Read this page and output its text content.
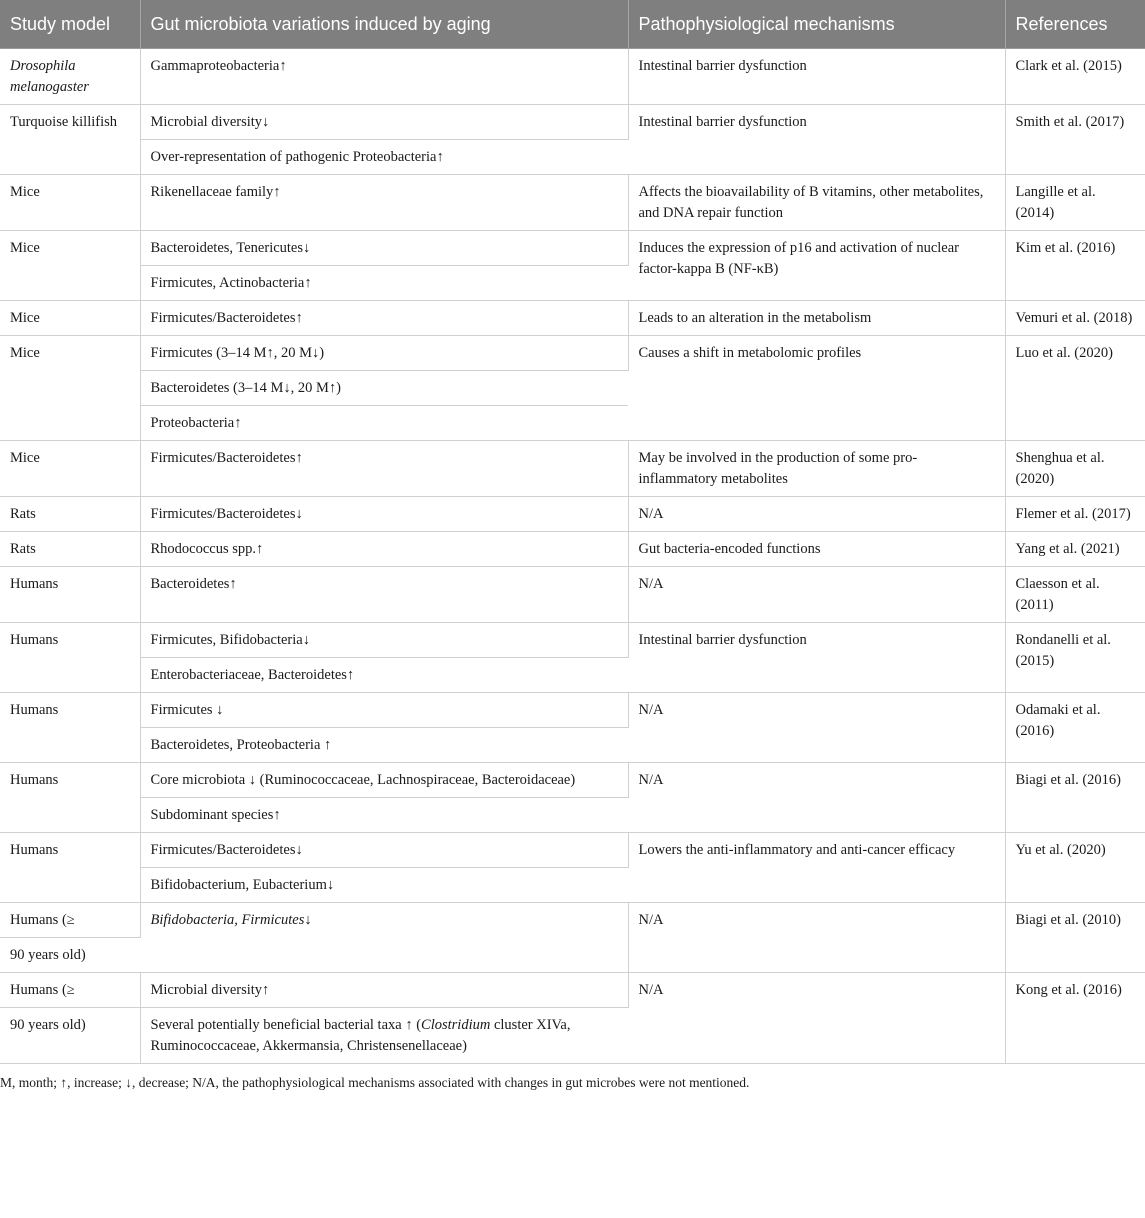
Study model	Gut microbiota variations induced by aging	Pathophysiological mechanisms	References
Drosophila melanogaster	Gammaproteobacteria↑	Intestinal barrier dysfunction	Clark et al. (2015)
Turquoise killifish	Microbial diversity↓	Intestinal barrier dysfunction	Smith et al. (2017)
	Over-representation of pathogenic Proteobacteria↑		
Mice	Rikenellaceae family↑	Affects the bioavailability of B vitamins, other metabolites, and DNA repair function	Langille et al. (2014)
Mice	Bacteroidetes, Tenericutes↓	Induces the expression of p16 and activation of nuclear factor-kappa B (NF-κB)	Kim et al. (2016)
	Firmicutes, Actinobacteria↑		
Mice	Firmicutes/Bacteroidetes↑	Leads to an alteration in the metabolism	Vemuri et al. (2018)
Mice	Firmicutes (3–14 M↑, 20 M↓)	Causes a shift in metabolomic profiles	Luo et al. (2020)
	Bacteroidetes (3–14 M↓, 20 M↑)		
	Proteobacteria↑		
Mice	Firmicutes/Bacteroidetes↑	May be involved in the production of some pro-inflammatory metabolites	Shenghua et al. (2020)
Rats	Firmicutes/Bacteroidetes↓	N/A	Flemer et al. (2017)
Rats	Rhodococcus spp.↑	Gut bacteria-encoded functions	Yang et al. (2021)
Humans	Bacteroidetes↑	N/A	Claesson et al. (2011)
Humans	Firmicutes, Bifidobacteria↓	Intestinal barrier dysfunction	Rondanelli et al. (2015)
	Enterobacteriaceae, Bacteroidetes↑		
Humans	Firmicutes ↓	N/A	Odamaki et al. (2016)
	Bacteroidetes, Proteobacteria ↑		
Humans	Core microbiota ↓ (Ruminococcaceae, Lachnospiraceae, Bacteroidaceae)	N/A	Biagi et al. (2016)
	Subdominant species↑		
Humans	Firmicutes/Bacteroidetes↓	Lowers the anti-inflammatory and anti-cancer efficacy	Yu et al. (2020)
	Bifidobacterium, Eubacterium↓		
Humans (≥	Bifidobacteria, Firmicutes↓	N/A	Biagi et al. (2010)
90 years old)			
Humans (≥	Microbial diversity↑	N/A	Kong et al. (2016)
90 years old)	Several potentially beneficial bacterial taxa ↑ (Clostridium cluster XIVa, Ruminococcaceae, Akkermansia, Christensenellaceae)		
M, month; ↑, increase; ↓, decrease; N/A, the pathophysiological mechanisms associated with changes in gut microbes were not mentioned.
